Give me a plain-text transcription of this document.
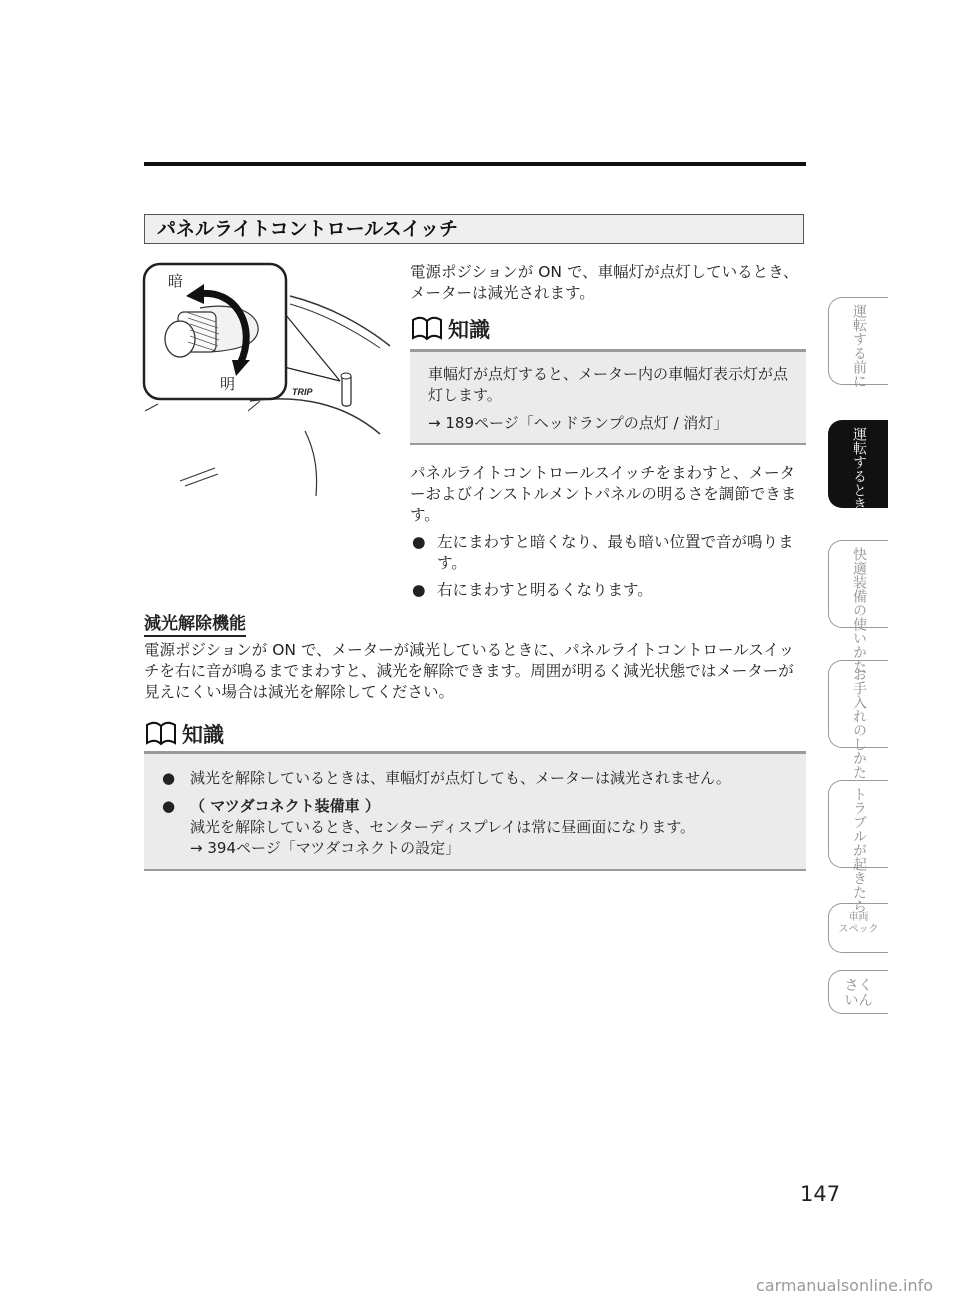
パネルライトコントロールスイッチ
TRIP
暗
明
電源ポジションが ON で、車幅灯が点灯しているとき、メーターは減光されます。
知識
車幅灯が点灯すると、メーター内の車幅灯表示灯が点灯します。
→ 189ページ「ヘッドランプの点灯 / 消灯」
パネルライトコントロールスイッチをまわすと、メーターおよびインストルメントパネルの明るさを調節できます。
● 左にまわすと暗くなり、最も暗い位置で音が鳴ります。
● 右にまわすと明るくなります。
減光解除機能
電源ポジションが ON で、メーターが減光しているときに、パネルライトコントロールスイッチを右に音が鳴るまでまわすと、減光を解除できます。周囲が明るく減光状態ではメーターが見えにくい場合は減光を解除してください。
知識
● 減光を解除しているときは、車幅灯が点灯しても、メーターは減光されません。
● （ マツダコネクト装備車 ）
減光を解除しているとき、センターディスプレイは常に昼画面になります。
→ 394ページ「マツダコネクトの設定」
運転する前に
運転するときに
快適装備の使いかた
お手入れのしかた
トラブルが起きたら
車両
スペック
さくいん
147
carmanualsonline.info
